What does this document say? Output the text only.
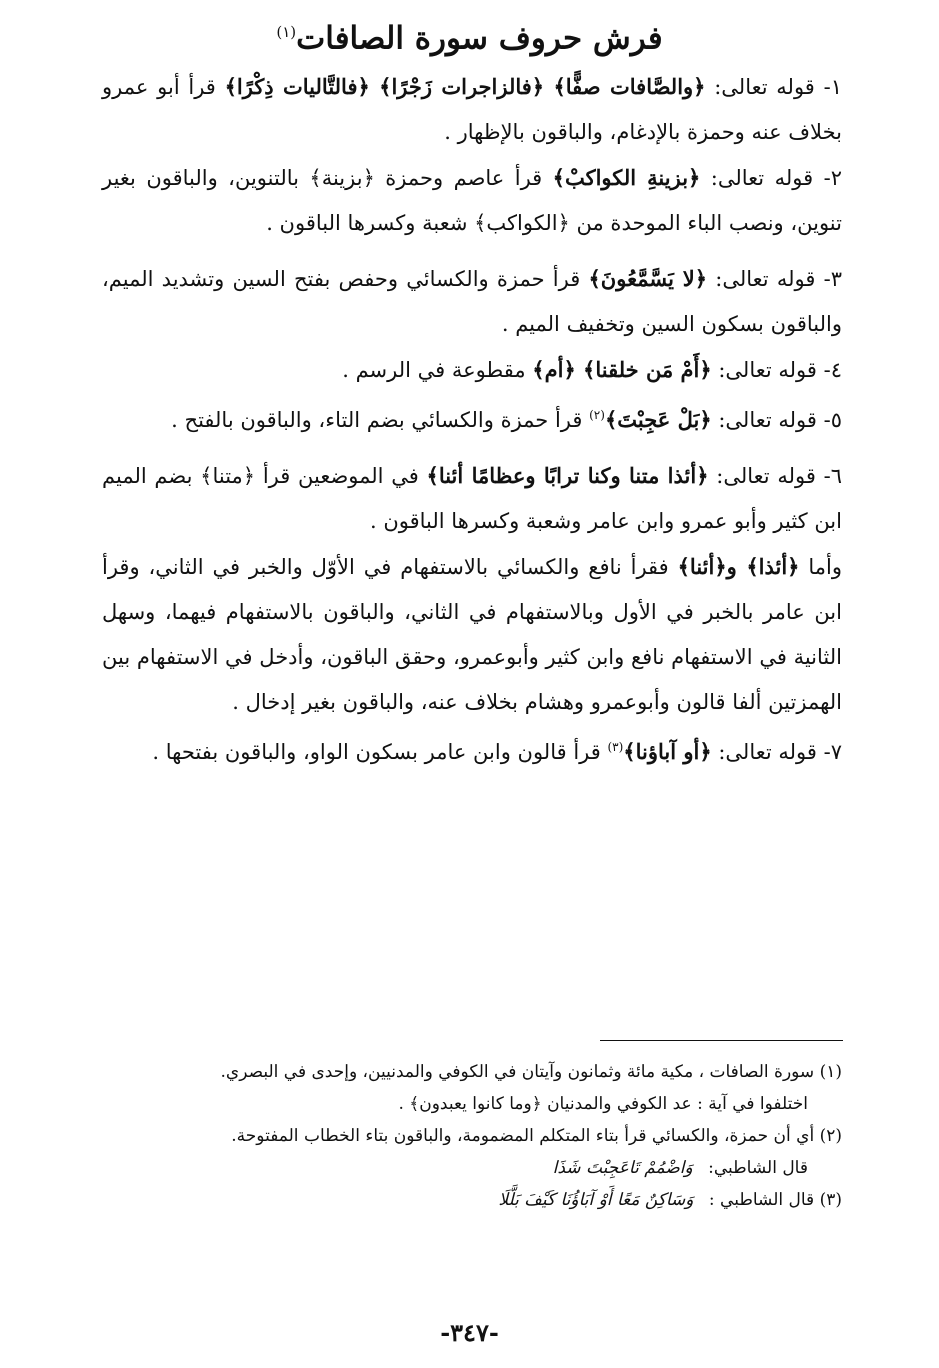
فرش حروف سورة الصافات$^{(١)}$

١- قوله تعالى: ﴿والصَّافات صفًّا﴾ ﴿فالزاجرات زَجْرًا﴾ ﴿فالتَّاليات ذِكْرًا﴾ قرأ أبو عمرو بخلاف عنه وحمزة بالإدغام، والباقون بالإظهار .

٢- قوله تعالى: ﴿بزينةِ الكواكبْ﴾ قرأ عاصم وحمزة ﴿بزينة﴾ بالتنوين، والباقون بغير تنوين، ونصب الباء الموحدة من ﴿الكواكب﴾ شعبة وكسرها الباقون .

٣- قوله تعالى: ﴿لا يَسَّمَّعُونَ﴾ قرأ حمزة والكسائي وحفص بفتح السين وتشديد الميم، والباقون بسكون السين وتخفيف الميم .

٤- قوله تعالى: ﴿أَمْ مَن خلقنا﴾ ﴿أم﴾ مقطوعة في الرسم .

٥- قوله تعالى: ﴿بَلْ عَجِبْتَ﴾$^{(٢)}$ قرأ حمزة والكسائي بضم التاء، والباقون بالفتح .

٦- قوله تعالى: ﴿أئذا متنا وكنا ترابًا وعظامًا أئنا﴾ في الموضعين قرأ ﴿متنا﴾ بضم الميم ابن كثير وأبو عمرو وابن عامر وشعبة وكسرها الباقون .

وأما ﴿أئذا﴾ و﴿أئنا﴾ فقرأ نافع والكسائي بالاستفهام في الأوّل والخبر في الثاني، وقرأ ابن عامر بالخبر في الأول وبالاستفهام في الثاني، والباقون بالاستفهام فيهما، وسهل الثانية في الاستفهام نافع وابن كثير وأبوعمرو، وحقق الباقون، وأدخل في الاستفهام بين الهمزتين ألفا قالون وأبوعمرو وهشام بخلاف عنه، والباقون بغير إدخال .

٧- قوله تعالى: ﴿أو آباؤنا﴾$^{(٣)}$ قرأ قالون وابن عامر بسكون الواو، والباقون بفتحها .

(١) سورة الصافات ، مكية مائة وثمانون وآيتان في الكوفي والمدنيين، وإحدى في البصري.

اختلفوا في آية : عد الكوفي والمدنيان ﴿وما كانوا يعبدون﴾ .

(٢) أي أن حمزة، والكسائي قرأ بتاء المتكلم المضمومة، والباقون بتاء الخطاب المفتوحة.

قال الشاطبي: وَاضْمُمْ تَاعَجِبْتَ شَذَا

(٣) قال الشاطبي : وَسَاكِنٌ مَعًا أَوْ آبَاؤُنَا كَيْفَ بَلَّلَا

-٣٤٧-
